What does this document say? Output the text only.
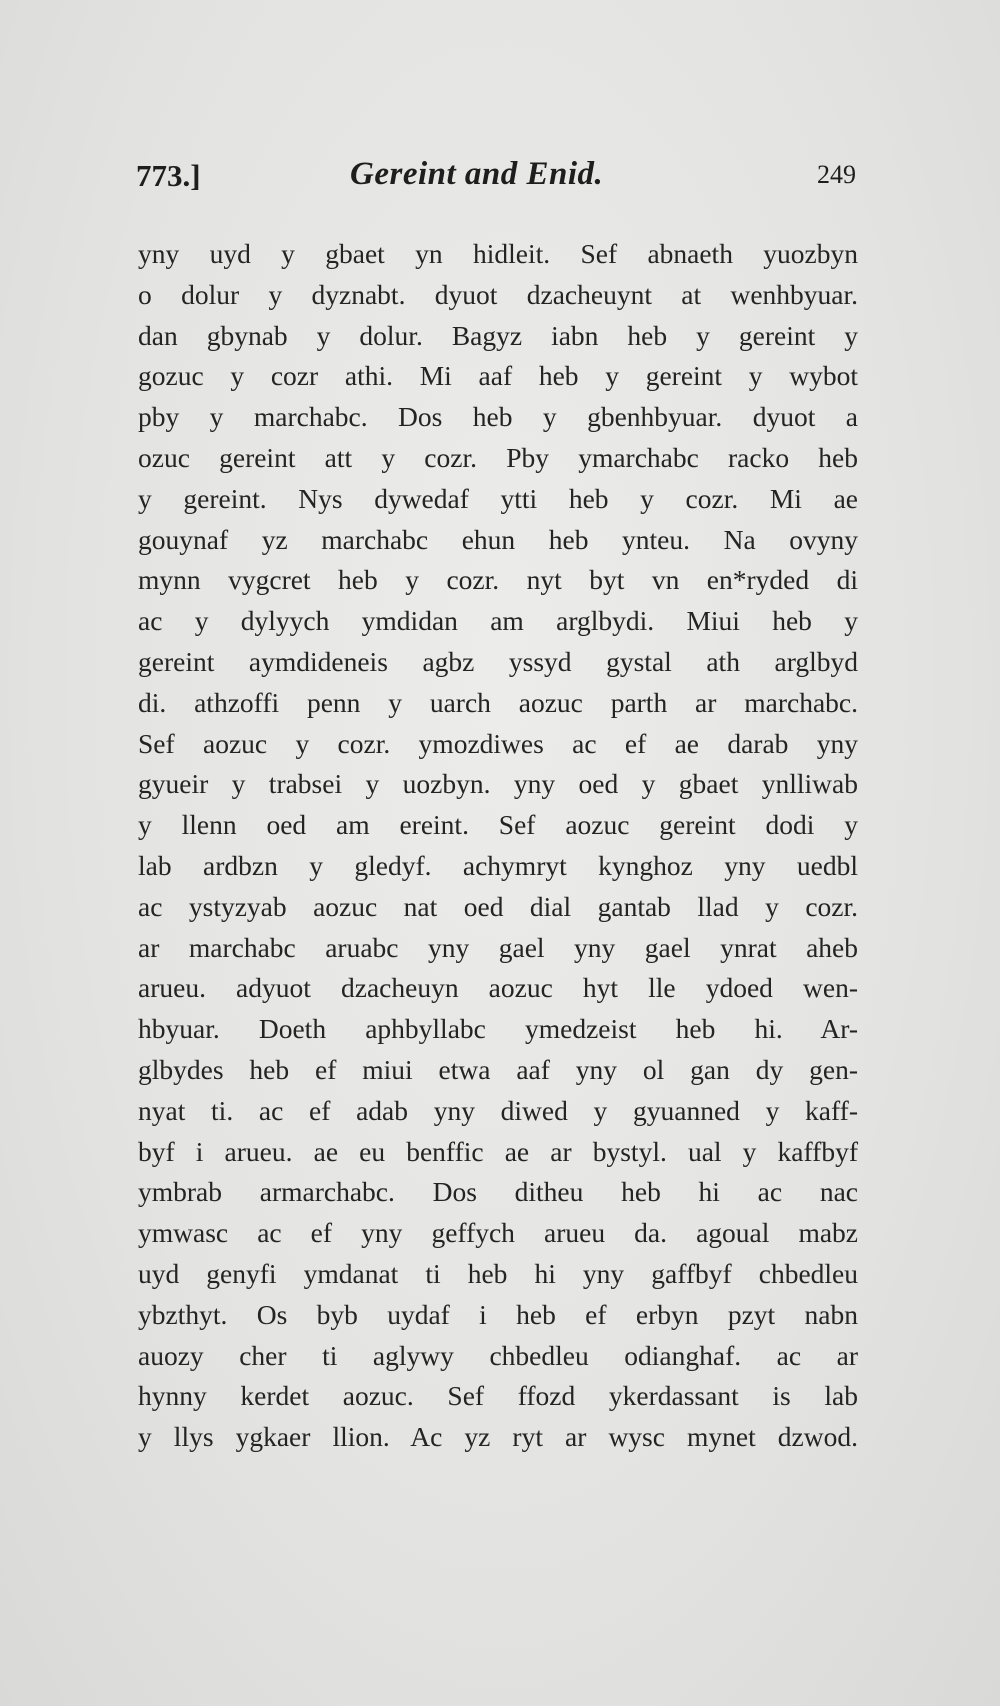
773.]	Gereint and Enid.	249
yny uyd y gbaet yn hidleit. Sef abnaeth yuozbyn
o dolur y dyznabt. dyuot dzacheuynt at wenhbyuar.
dan gbynab y dolur. Bagyz iabn heb y gereint y
gozuc y cozr athi. Mi aaf heb y gereint y wybot
pby y marchabc. Dos heb y gbenhbyuar. dyuot a
ozuc gereint att y cozr. Pby ymarchabc racko heb
y gereint. Nys dywedaf ytti heb y cozr. Mi ae
gouynaf yz marchabc ehun heb ynteu. Na ovyny
mynn vygcret heb y cozr. nyt byt vn en*ryded di
ac y dylyych ymdidan am arglbydi. Miui heb y
gereint aymdideneis agbz yssyd gystal ath arglbyd
di. athzoffi penn y uarch aozuc parth ar marchabc.
Sef aozuc y cozr. ymozdiwes ac ef ae darab yny
gyueir y trabsei y uozbyn. yny oed y gbaet ynlliwab
y llenn oed am ereint. Sef aozuc gereint dodi y
lab ardbzn y gledyf. achymryt kynghoz yny uedbl
ac ystyzyab aozuc nat oed dial gantab llad y cozr.
ar marchabc aruabc yny gael yny gael ynrat aheb
arueu. adyuot dzacheuyn aozuc hyt lle ydoed wen-
hbyuar. Doeth aphbyllabc ymedzeist heb hi. Ar-
glbydes heb ef miui etwa aaf yny ol gan dy gen-
nyat ti. ac ef adab yny diwed y gyuanned y kaff-
byf i arueu. ae eu benffic ae ar bystyl. ual y kaffbyf
ymbrab armarchabc. Dos ditheu heb hi ac nac
ymwasc ac ef yny geffych arueu da. agoual mabz
uyd genyfi ymdanat ti heb hi yny gaffbyf chbedleu
ybzthyt. Os byb uydaf i heb ef erbyn pzyt nabn
auozy cher ti aglywy chbedleu odianghaf. ac ar
hynny kerdet aozuc. Sef ffozd ykerdassant is lab
y llys ygkaer llion. Ac yz ryt ar wysc mynet dzwod.
